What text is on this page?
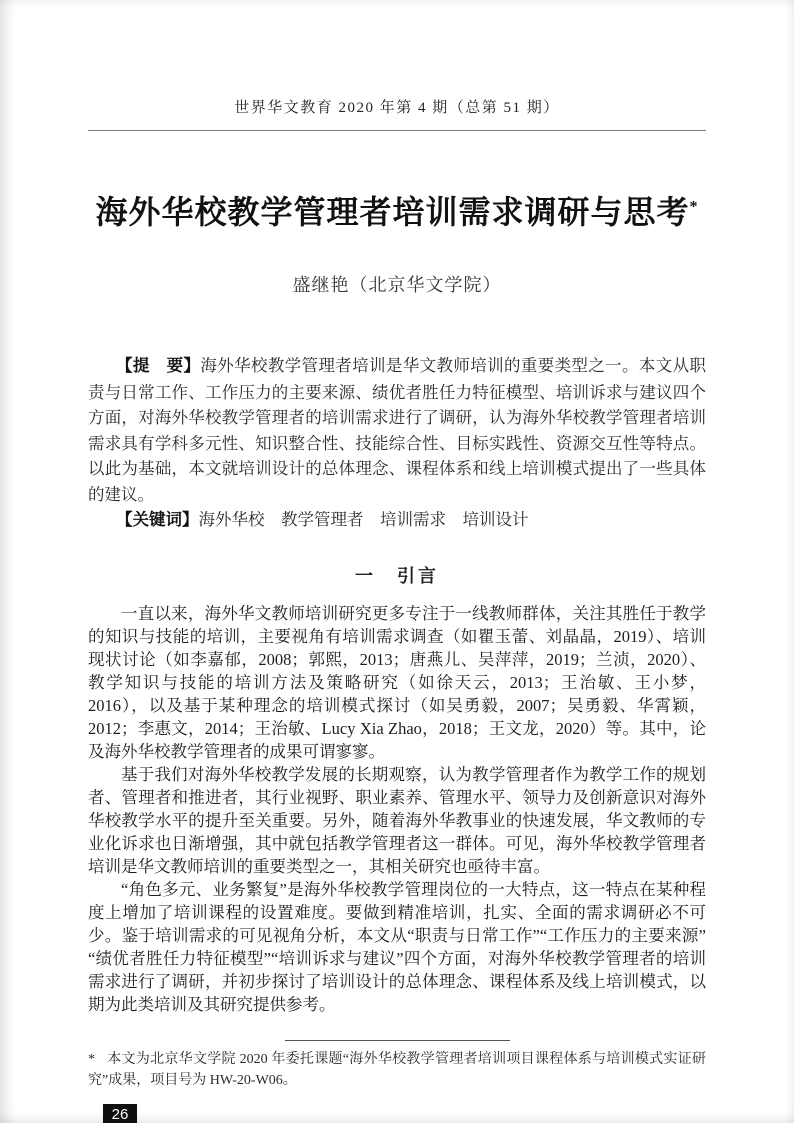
世界华文教育 2020 年第 4 期（总第 51 期）
海外华校教学管理者培训需求调研与思考*
盛继艳（北京华文学院）

【提　要】海外华校教学管理者培训是华文教师培训的重要类型之一。本文从职责与日常工作、工作压力的主要来源、绩优者胜任力特征模型、培训诉求与建议四个方面，对海外华校教学管理者的培训需求进行了调研，认为海外华校教学管理者培训需求具有学科多元性、知识整合性、技能综合性、目标实践性、资源交互性等特点。以此为基础，本文就培训设计的总体理念、课程体系和线上培训模式提出了一些具体的建议。

【关键词】海外华校　教学管理者　培训需求　培训设计

一　引言

一直以来，海外华文教师培训研究更多专注于一线教师群体，关注其胜任于教学的知识与技能的培训，主要视角有培训需求调查（如瞿玉蕾、刘晶晶，2019）、培训现状讨论（如李嘉郁，2008；郭熙，2013；唐燕儿、吴萍萍，2019；兰浈，2020）、教学知识与技能的培训方法及策略研究（如徐天云，2013；王治敏、王小梦，2016），以及基于某种理念的培训模式探讨（如吴勇毅，2007；吴勇毅、华霄颖，2012；李惠文，2014；王治敏、Lucy Xia Zhao，2018；王文龙，2020）等。其中，论及海外华校教学管理者的成果可谓寥寥。

基于我们对海外华校教学发展的长期观察，认为教学管理者作为教学工作的规划者、管理者和推进者，其行业视野、职业素养、管理水平、领导力及创新意识对海外华校教学水平的提升至关重要。另外，随着海外华教事业的快速发展，华文教师的专业化诉求也日渐增强，其中就包括教学管理者这一群体。可见，海外华校教学管理者培训是华文教师培训的重要类型之一，其相关研究也亟待丰富。

“角色多元、业务繁复”是海外华校教学管理岗位的一大特点，这一特点在某种程度上增加了培训课程的设置难度。要做到精准培训，扎实、全面的需求调研必不可少。鉴于培训需求的可见视角分析，本文从“职责与日常工作”“工作压力的主要来源”“绩优者胜任力特征模型”“培训诉求与建议”四个方面，对海外华校教学管理者的培训需求进行了调研，并初步探讨了培训设计的总体理念、课程体系及线上培训模式，以期为此类培训及其研究提供参考。

* 本文为北京华文学院 2020 年委托课题“海外华校教学管理者培训项目课程体系与培训模式实证研究”成果，项目号为 HW-20-W06。

26
